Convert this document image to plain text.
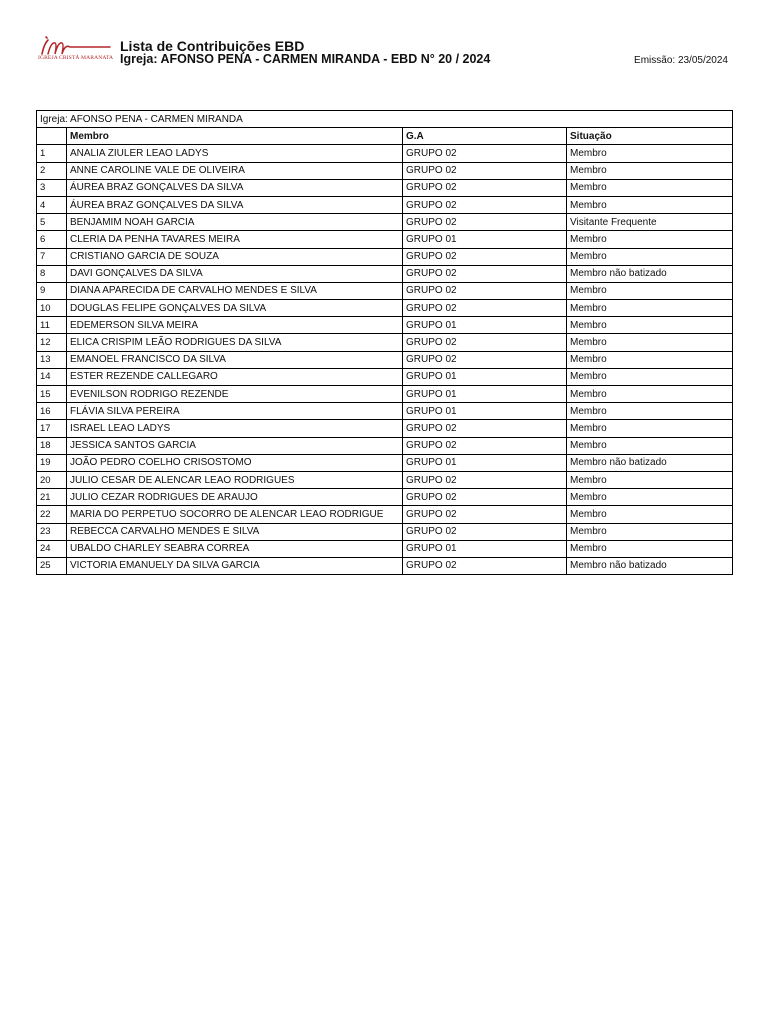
IGREJA CRISTÃ MARANATA
Lista de Contribuições EBD
Igreja: AFONSO PENA - CARMEN MIRANDA - EBD N° 20 / 2024	Emissão: 23/05/2024
Igreja: AFONSO PENA - CARMEN MIRANDA			
	Membro	G.A	Situação
1	ANALIA ZIULER LEAO LADYS	GRUPO 02	Membro
2	ANNE CAROLINE VALE DE OLIVEIRA	GRUPO 02	Membro
3	ÁUREA BRAZ GONÇALVES DA SILVA	GRUPO 02	Membro
4	ÁUREA BRAZ GONÇALVES DA SILVA	GRUPO 02	Membro
5	BENJAMIM NOAH GARCIA	GRUPO 02	Visitante Frequente
6	CLERIA DA PENHA TAVARES MEIRA	GRUPO 01	Membro
7	CRISTIANO GARCIA DE SOUZA	GRUPO 02	Membro
8	DAVI GONÇALVES DA SILVA	GRUPO 02	Membro não batizado
9	DIANA APARECIDA DE CARVALHO MENDES E SILVA	GRUPO 02	Membro
10	DOUGLAS FELIPE GONÇALVES DA SILVA	GRUPO 02	Membro
11	EDEMERSON SILVA MEIRA	GRUPO 01	Membro
12	ELICA CRISPIM LEÃO RODRIGUES DA SILVA	GRUPO 02	Membro
13	EMANOEL FRANCISCO DA SILVA	GRUPO 02	Membro
14	ESTER REZENDE CALLEGARO	GRUPO 01	Membro
15	EVENILSON RODRIGO REZENDE	GRUPO 01	Membro
16	FLÁVIA SILVA PEREIRA	GRUPO 01	Membro
17	ISRAEL LEAO LADYS	GRUPO 02	Membro
18	JESSICA SANTOS GARCIA	GRUPO 02	Membro
19	JOÃO PEDRO COELHO CRISOSTOMO	GRUPO 01	Membro não batizado
20	JULIO CESAR DE ALENCAR LEAO RODRIGUES	GRUPO 02	Membro
21	JULIO CEZAR RODRIGUES DE ARAUJO	GRUPO 02	Membro
22	MARIA DO PERPETUO SOCORRO DE ALENCAR LEAO RODRIGUE	GRUPO 02	Membro
23	REBECCA CARVALHO MENDES E SILVA	GRUPO 02	Membro
24	UBALDO CHARLEY SEABRA CORREA	GRUPO 01	Membro
25	VICTORIA EMANUELY DA SILVA GARCIA	GRUPO 02	Membro não batizado
